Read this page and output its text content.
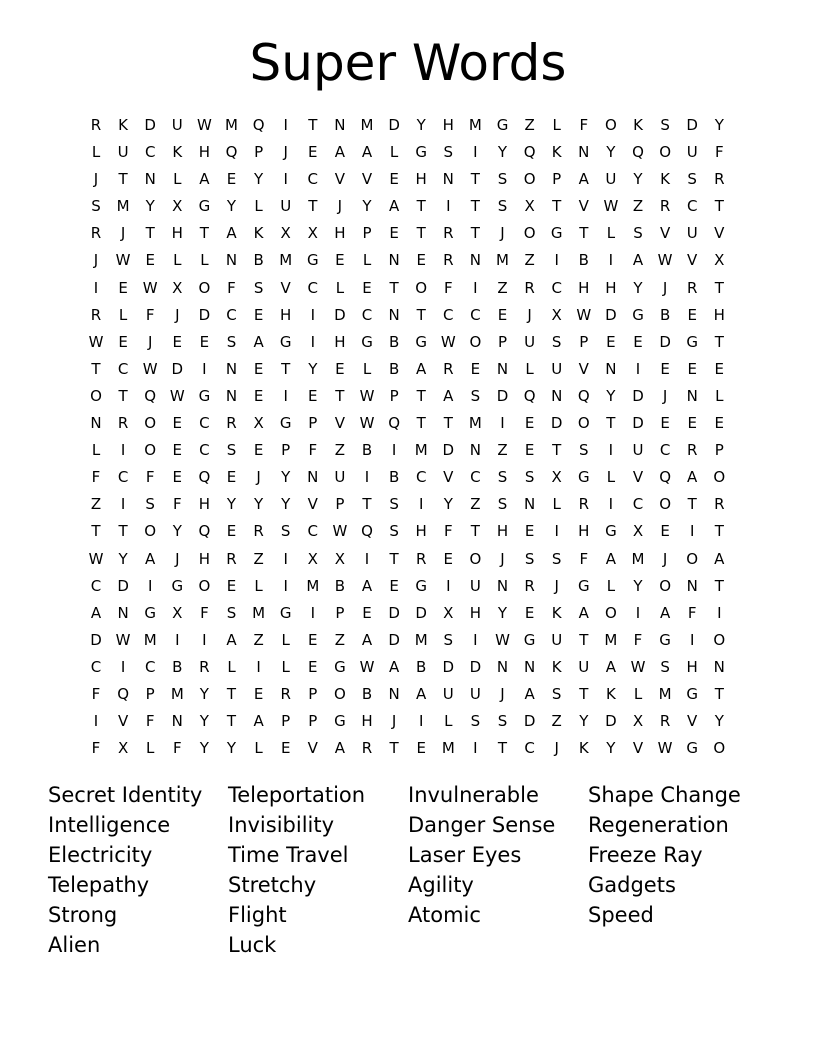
Super Words
R	K	D	U W M Q	I	T	N	M D	Y	H M G	Z	L	F	O	K	S	D	Y
L	U	C	K	H	Q	P	J	E	A	A	L	G	S	I	Y	Q	K	N	Y	Q	O	U	F
J	T	N	L	A	E	Y	I	C	V	V	E	H	N	T	S	O	P	A	U	Y	K	S	R
S	M	Y	X	G	Y	L	U	T	J	Y	A	T	I	T	S	X	T	V W Z	R	C	T
R	J	T	H	T	A	K	X	X	H	P	E	T	R	T	J	O	G	T	L	S	V	U	V
J	W E	L	L	N	B	M G	E	L	N	E	R	N	M	Z	I	B	I	A W V	X
I	E W X	O	F	S	V	C	L	E	T	O	F	I	Z	R	C	H	H	Y	J	R	T
R	L	F	J	D	C	E	H	I	D	C	N	T	C	C	E	J	X W D	G	B	E	H
W E	J	E	E	S	A	G	I	H	G	B	G W O	P	U	S	P	E	E	D	G	T
T	C W D	I	N	E	T	Y	E	L	B	A	R	E	N	L	U	V	N	I	E	E	E
O	T	Q W G	N	E	I	E	T	W	P	T	A	S	D	Q	N	Q	Y	D	J	N	L
N	R	O	E	C	R	X	G	P	V W Q	T	T	M	I	E	D	O	T	D	E	E	E
L	I	O	E	C	S	E	P	F	Z	B	I	M D	N	Z	E	T	S	I	U	C	R	P
F	C	F	E	Q	E	J	Y	N	U	I	B	C	V	C	S	S	X	G	L	V	Q	A	O
Z	I	S	F	H	Y	Y	Y	V	P	T	S	I	Y	Z	S	N	L	R	I	C	O	T	R
T	T	O	Y	Q	E	R	S	C W Q	S	H	F	T	H	E	I	H	G	X	E	I	T
W	Y	A	J	H	R	Z	I	X	X	I	T	R	E	O	J	S	S	F	A	M	J	O	A
C	D	I	G	O	E	L	I	M	B	A	E	G	I	U	N	R	J	G	L	Y	O	N	T
A	N	G	X	F	S	M G	I	P	E	D	D	X	H	Y	E	K	A	O	I	A	F	I
D W M	I	I	A	Z	L	E	Z	A	D M	S	I	W G	U	T	M	F	G	I	O
C	I	C	B	R	L	I	L	E	G W A	B	D	D	N	N	K	U	A W S	H	N
F	Q	P	M	Y	T	E	R	P	O	B	N	A	U	U	J	A	S	T	K	L	M G	T
I	V	F	N	Y	T	A	P	P	G	H	J	I	L	S	S	D	Z	Y	D	X	R	V	Y
F	X	L	F	Y	Y	L	E	V	A	R	T	E	M	I	T	C	J	K	Y	V W G	O
Secret Identity
Intelligence
Electricity
Telepathy
Strong
Alien
Teleportation
Invisibility
Time Travel
Stretchy
Flight
Luck
Invulnerable
Danger Sense
Laser Eyes
Agility
Atomic
Shape Change
Regeneration
Freeze Ray
Gadgets
Speed
